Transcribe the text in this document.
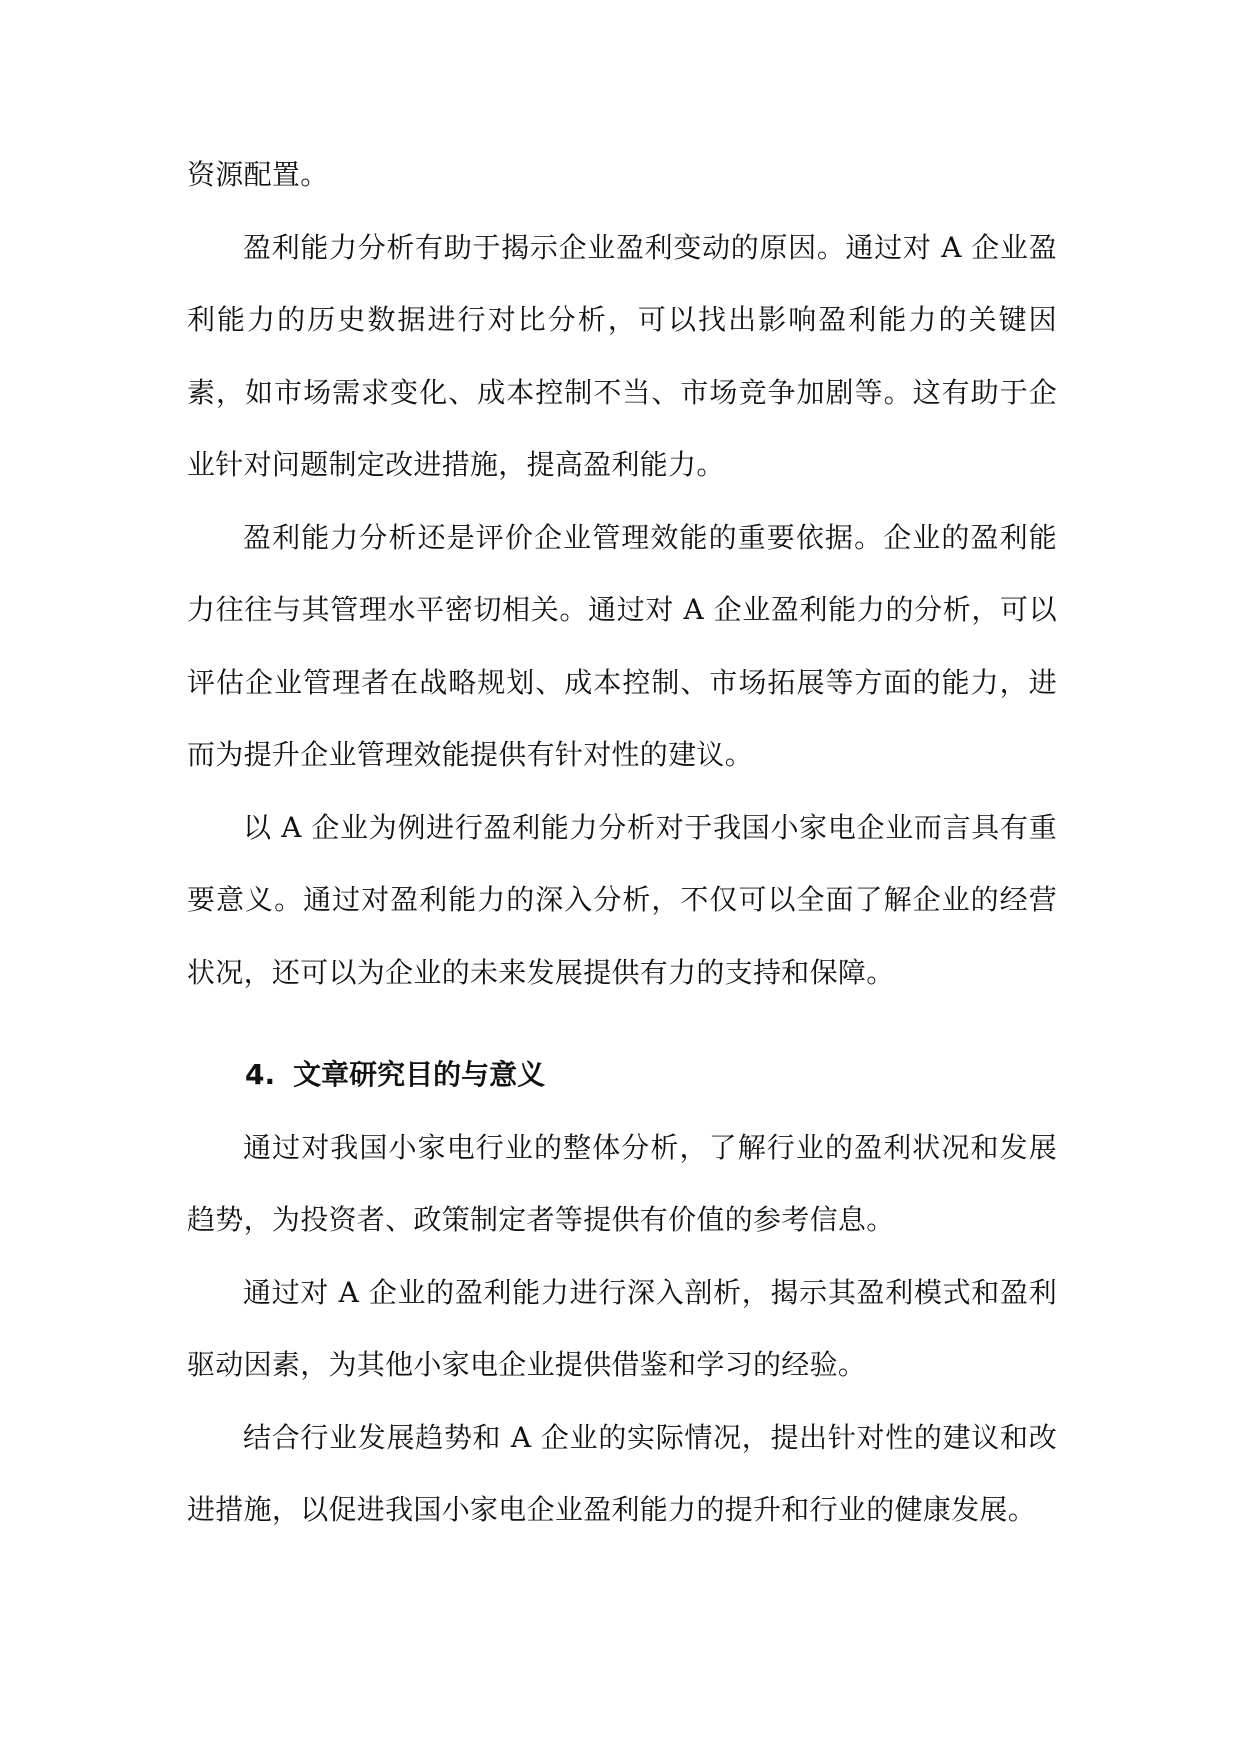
资源配置。

盈利能力分析有助于揭示企业盈利变动的原因。通过对 A 企业盈利能力的历史数据进行对比分析，可以找出影响盈利能力的关键因素，如市场需求变化、成本控制不当、市场竞争加剧等。这有助于企业针对问题制定改进措施，提高盈利能力。

盈利能力分析还是评价企业管理效能的重要依据。企业的盈利能力往往与其管理水平密切相关。通过对 A 企业盈利能力的分析，可以评估企业管理者在战略规划、成本控制、市场拓展等方面的能力，进而为提升企业管理效能提供有针对性的建议。

以 A 企业为例进行盈利能力分析对于我国小家电企业而言具有重要意义。通过对盈利能力的深入分析，不仅可以全面了解企业的经营状况，还可以为企业的未来发展提供有力的支持和保障。

4. 文章研究目的与意义

通过对我国小家电行业的整体分析，了解行业的盈利状况和发展趋势，为投资者、政策制定者等提供有价值的参考信息。

通过对 A 企业的盈利能力进行深入剖析，揭示其盈利模式和盈利驱动因素，为其他小家电企业提供借鉴和学习的经验。

结合行业发展趋势和 A 企业的实际情况，提出针对性的建议和改进措施，以促进我国小家电企业盈利能力的提升和行业的健康发展。
